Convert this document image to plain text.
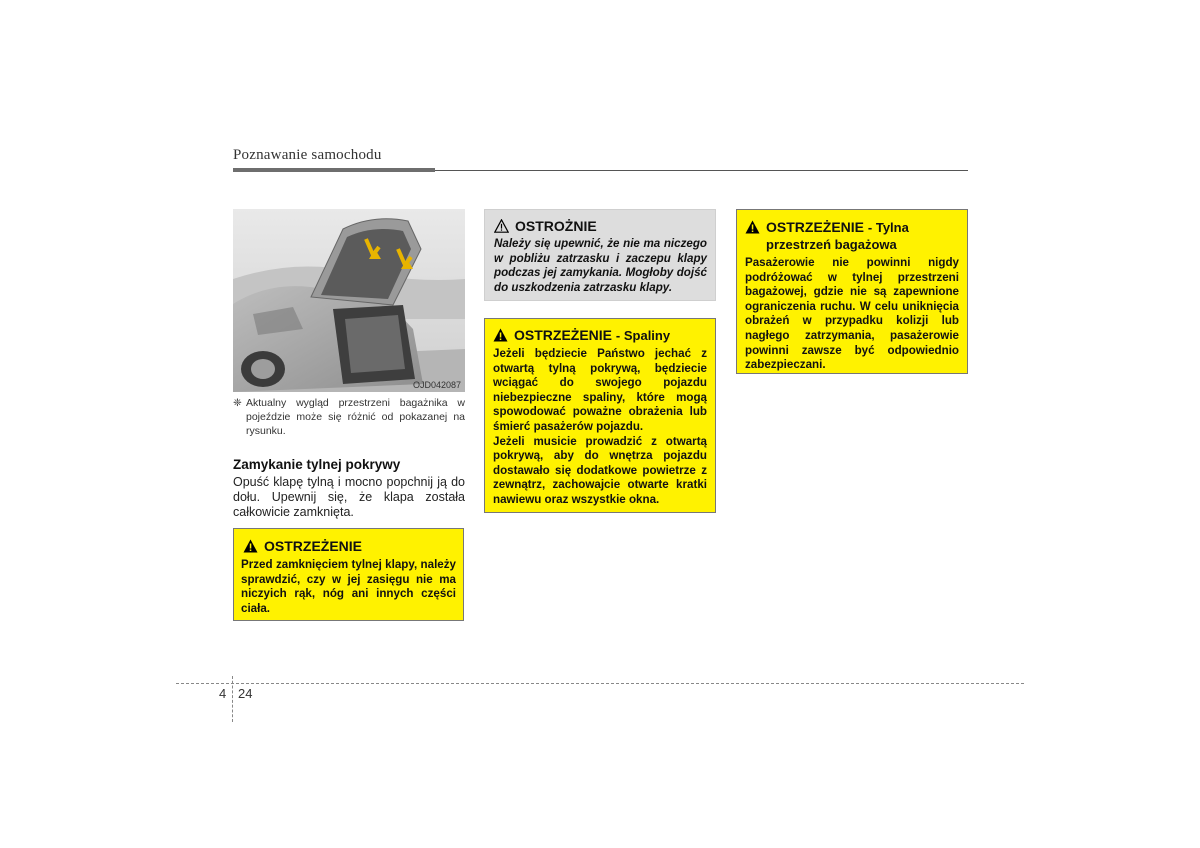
Poznawanie samochodu
OJD042087
❈ Aktualny wygląd przestrzeni bagażnika w pojeździe może się różnić od pokazanej na rysunku.
Zamykanie tylnej pokrywy
Opuść klapę tylną i mocno popchnij ją do dołu. Upewnij się, że klapa została całkowicie zamknięta.
OSTRZEŻENIE
Przed zamknięciem tylnej klapy, należy sprawdzić, czy w jej zasięgu nie ma niczyich rąk, nóg ani innych części ciała.
OSTROŻNIE
Należy się upewnić, że nie ma niczego w pobliżu zatrzasku i zaczepu klapy podczas jej zamykania. Mogłoby dojść do uszkodzenia zatrzasku klapy.
OSTRZEŻENIE - Spaliny

Jeżeli będziecie Państwo jechać z otwartą tylną pokrywą, będziecie wciągać do swojego pojazdu niebezpieczne spaliny, które mogą spowodować poważne obrażenia lub śmierć pasażerów pojazdu.

Jeżeli musicie prowadzić z otwartą pokrywą, aby do wnętrza pojazdu dostawało się dodatkowe powietrze z zewnątrz, zachowajcie otwarte kratki nawiewu oraz wszystkie okna.

OSTRZEŻENIE - Tylna
przestrzeń bagażowa
Pasażerowie nie powinni nigdy podróżować w tylnej przestrzeni bagażowej, gdzie nie są zapewnione ograniczenia ruchu. W celu uniknięcia obrażeń w przypadku kolizji lub nagłego zatrzymania, pasażerowie powinni zawsze być odpowiednio zabezpieczani.
4 24
